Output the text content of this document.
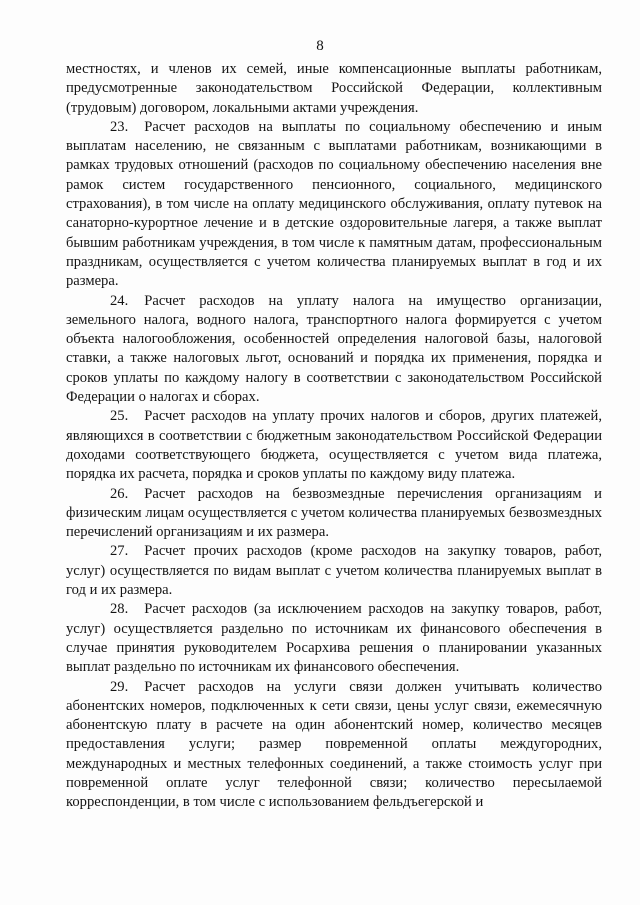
8

местностях, и членов их семей, иные компенсационные выплаты работникам, предусмотренные законодательством Российской Федерации, коллективным (трудовым) договором, локальными актами учреждения.

23. Расчет расходов на выплаты по социальному обеспечению и иным выплатам населению, не связанным с выплатами работникам, возникающими в рамках трудовых отношений (расходов по социальному обеспечению населения вне рамок систем государственного пенсионного, социального, медицинского страхования), в том числе на оплату медицинского обслуживания, оплату путевок на санаторно-курортное лечение и в детские оздоровительные лагеря, а также выплат бывшим работникам учреждения, в том числе к памятным датам, профессиональным праздникам, осуществляется с учетом количества планируемых выплат в год и их размера.

24. Расчет расходов на уплату налога на имущество организации, земельного налога, водного налога, транспортного налога формируется с учетом объекта налогообложения, особенностей определения налоговой базы, налоговой ставки, а также налоговых льгот, оснований и порядка их применения, порядка и сроков уплаты по каждому налогу в соответствии с законодательством Российской Федерации о налогах и сборах.

25. Расчет расходов на уплату прочих налогов и сборов, других платежей, являющихся в соответствии с бюджетным законодательством Российской Федерации доходами соответствующего бюджета, осуществляется с учетом вида платежа, порядка их расчета, порядка и сроков уплаты по каждому виду платежа.

26. Расчет расходов на безвозмездные перечисления организациям и физическим лицам осуществляется с учетом количества планируемых безвозмездных перечислений организациям и их размера.

27. Расчет прочих расходов (кроме расходов на закупку товаров, работ, услуг) осуществляется по видам выплат с учетом количества планируемых выплат в год и их размера.

28. Расчет расходов (за исключением расходов на закупку товаров, работ, услуг) осуществляется раздельно по источникам их финансового обеспечения в случае принятия руководителем Росархива решения о планировании указанных выплат раздельно по источникам их финансового обеспечения.

29. Расчет расходов на услуги связи должен учитывать количество абонентских номеров, подключенных к сети связи, цены услуг связи, ежемесячную абонентскую плату в расчете на один абонентский номер, количество месяцев предоставления услуги; размер повременной оплаты междугородних, международных и местных телефонных соединений, а также стоимость услуг при повременной оплате услуг телефонной связи; количество пересылаемой корреспонденции, в том числе с использованием фельдъегерской и
